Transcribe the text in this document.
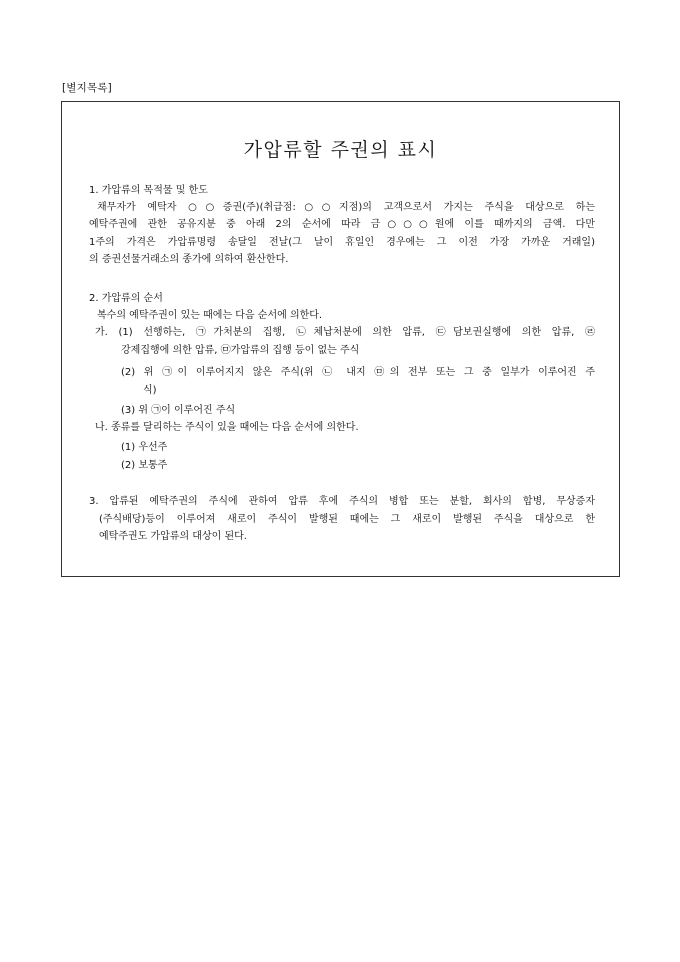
[별지목록]
가압류할 주권의 표시
1. 가압류의 목적물 및 한도
채무자가 예탁자 ○○증권(주)(취급점:○○지점)의 고객으로서 가지는 주식을 대상으로 하는
예탁주권에 관한 공유지분 중 아래 2의 순서에 따라 금○○○원에 이를 때까지의 금액. 다만
1주의 가격은 가압류명령 송달일 전날(그 날이 휴일인 경우에는 그 이전 가장 가까운 거래일)
의 증권선물거래소의 종가에 의하여 환산한다.
2. 가압류의 순서
복수의 예탁주권이 있는 때에는 다음 순서에 의한다.
가. (1) 선행하는, ㉠가처분의 집행, ㉡체납처분에 의한 압류, ㉢담보권실행에 의한 압류, ㉣
강제집행에 의한 압류, ㉤가압류의 집행 등이 없는 주식
(2) 위 ㉠이 이루어지지 않은 주식(위 ㉡ 내지 ㉤의 전부 또는 그 중 일부가 이루어진 주
식)
(3) 위 ㉠이 이루어진 주식
나. 종류를 달리하는 주식이 있을 때에는 다음 순서에 의한다.
(1) 우선주
(2) 보통주
3. 압류된 예탁주권의 주식에 관하여 압류 후에 주식의 병합 또는 분할, 회사의 합병, 무상증자
(주식배당)등이 이루어져 새로이 주식이 발행된 때에는 그 새로이 발행된 주식을 대상으로 한
예탁주권도 가압류의 대상이 된다.
